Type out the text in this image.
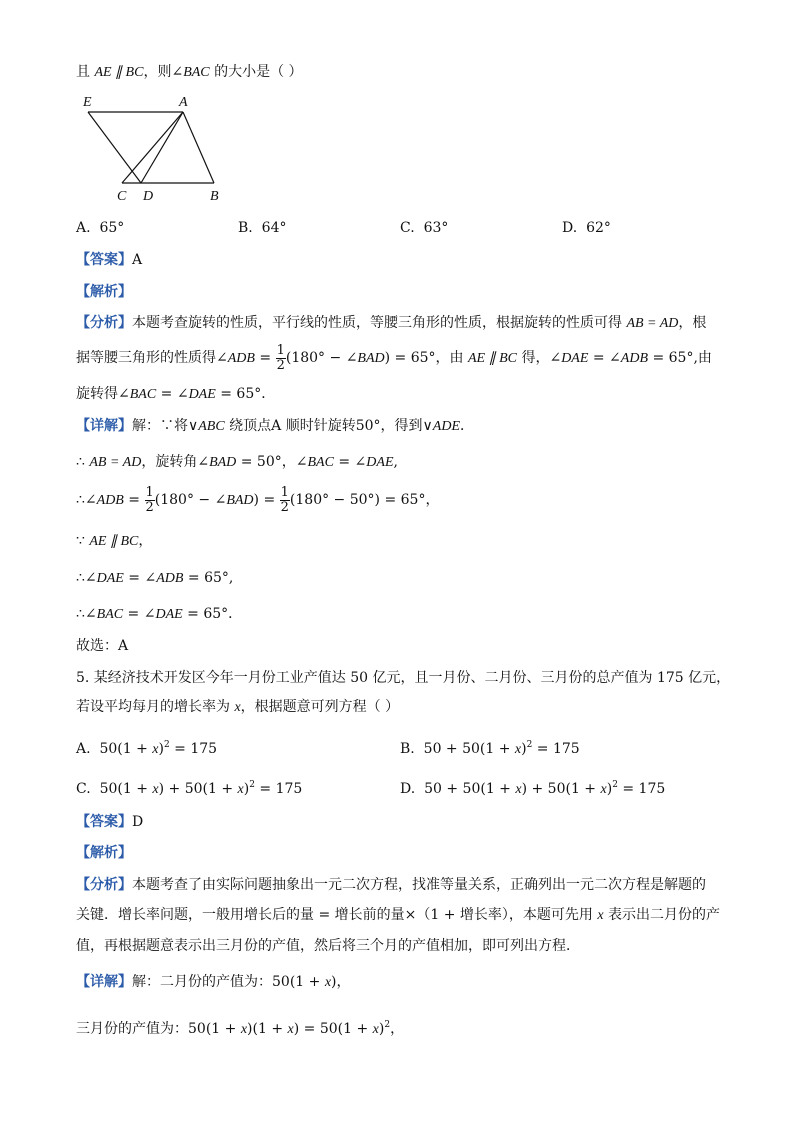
且 AE ∥ BC，则∠BAC 的大小是（ ）
E	A
C D	B
A. 65°	B. 64°	C. 63°	D. 62°
【答案】A
【解析】
【分析】本题考查旋转的性质，平行线的性质，等腰三角形的性质，根据旋转的性质可得 AB = AD，根
据等腰三角形的性质得∠ADB = $\frac{1}{2} (180^\circ$ − ∠BAD) = 65°，由 AE ∥ BC 得，∠DAE = ∠ADB = 65°,由
旋转得∠BAC = ∠DAE = 65°．
【详解】解：∵将∨ABC 绕顶点A 顺时针旋转50°，得到∨ADE．
∴ AB = AD，旋转角∠BAD = 50°，∠BAC = ∠DAE,
∴∠ADB = $\frac{1}{2} (180^\circ$ − ∠BAD) = $\frac{1}{2} (180^\circ - 50^\circ) = 65^\circ$，
∵ AE ∥ BC，
∴∠DAE = ∠ADB = 65°,
∴∠BAC = ∠DAE = 65°．
故选：A
5. 某经济技术开发区今年一月份工业产值达 50 亿元，且一月份、二月份、三月份的总产值为 175 亿元，
若设平均每月的增长率为 x，根据题意可列方程（ ）
A. $50(1 + x)^2 = 175$	B. $50 + 50(1 + x)^2 = 175$
C. $50(1 + x) + 50(1 + x)^2 = 175$	D. $50 + 50(1 + x) + 50(1 + x)^2 = 175$
【答案】D
【解析】
【分析】本题考查了由实际问题抽象出一元二次方程，找准等量关系，正确列出一元二次方程是解题的
关键．增长率问题，一般用增长后的量 = 增长前的量×（1 + 增长率），本题可先用 x 表示出二月份的产
值，再根据题意表示出三月份的产值，然后将三个月的产值相加，即可列出方程．
【详解】解：二月份的产值为：50(1 + x)，
三月份的产值为：$50(1 + x)(1 + x) = 50(1 + x)^2$，
